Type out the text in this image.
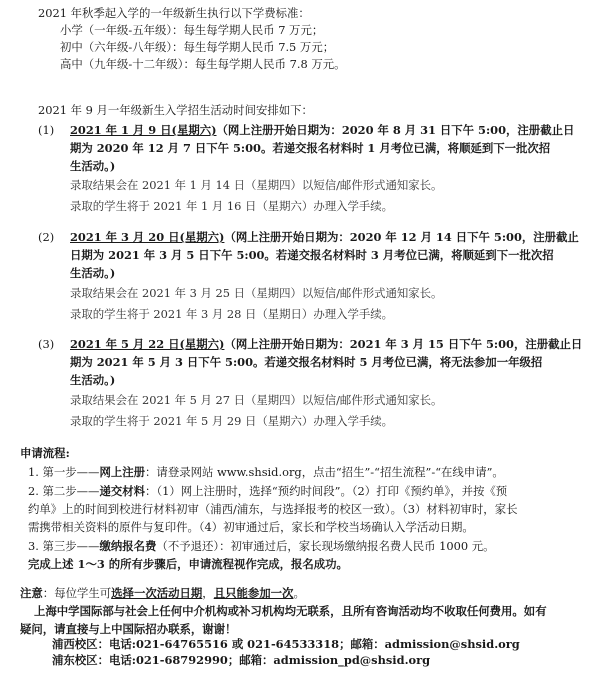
2021 年秋季起入学的一年级新生执行以下学费标准：
小学（一年级-五年级）：每生每学期人民币 7 万元；
初中（六年级-八年级）：每生每学期人民币 7.5 万元；
高中（九年级-十二年级）：每生每学期人民币 7.8 万元。
2021 年 9 月一年级新生入学招生活动时间安排如下：
(1) 2021 年 1 月 9 日(星期六)（网上注册开始日期为：2020 年 8 月 31 日下午 5:00，注册截止日
期为 2020 年 12 月 7 日下午 5:00。若递交报名材料时 1 月考位已满，将顺延到下一批次招
生活动。)
录取结果会在 2021 年 1 月 14 日（星期四）以短信/邮件形式通知家长。
录取的学生将于 2021 年 1 月 16 日（星期六）办理入学手续。
(2) 2021 年 3 月 20 日(星期六)（网上注册开始日期为：2020 年 12 月 14 日下午 5:00，注册截止
日期为 2021 年 3 月 5 日下午 5:00。若递交报名材料时 3 月考位已满，将顺延到下一批次招
生活动。)
录取结果会在 2021 年 3 月 25 日（星期四）以短信/邮件形式通知家长。
录取的学生将于 2021 年 3 月 28 日（星期日）办理入学手续。
(3) 2021 年 5 月 22 日(星期六)（网上注册开始日期为：2021 年 3 月 15 日下午 5:00，注册截止日
期为 2021 年 5 月 3 日下午 5:00。若递交报名材料时 5 月考位已满，将无法参加一年级招
生活动。)
录取结果会在 2021 年 5 月 27 日（星期四）以短信/邮件形式通知家长。
录取的学生将于 2021 年 5 月 29 日（星期六）办理入学手续。
申请流程:
1. 第一步——网上注册：请登录网站 www.shsid.org，点击“招生”-“招生流程”-“在线申请”。
2. 第二步——递交材料：（1）网上注册时，选择“预约时间段”。（2）打印《预约单》，并按《预
约单》上的时间到校进行材料初审（浦西/浦东，与选择报考的校区一致）。（3）材料初审时，家长
需携带相关资料的原件与复印件。（4）初审通过后，家长和学校当场确认入学活动日期。
3. 第三步——缴纳报名费（不予退还）：初审通过后，家长现场缴纳报名费人民币 1000 元。
完成上述 1～3 的所有步骤后，申请流程视作完成，报名成功。
注意：每位学生可选择一次活动日期，且只能参加一次。
上海中学国际部与社会上任何中介机构或补习机构均无联系，且所有咨询活动均不收取任何费用。如有
疑问，请直接与上中国际招办联系，谢谢！
浦西校区：电话:021-64765516 或 021-64533318；邮箱：admission@shsid.org
浦东校区：电话:021-68792990；邮箱：admission_pd@shsid.org
